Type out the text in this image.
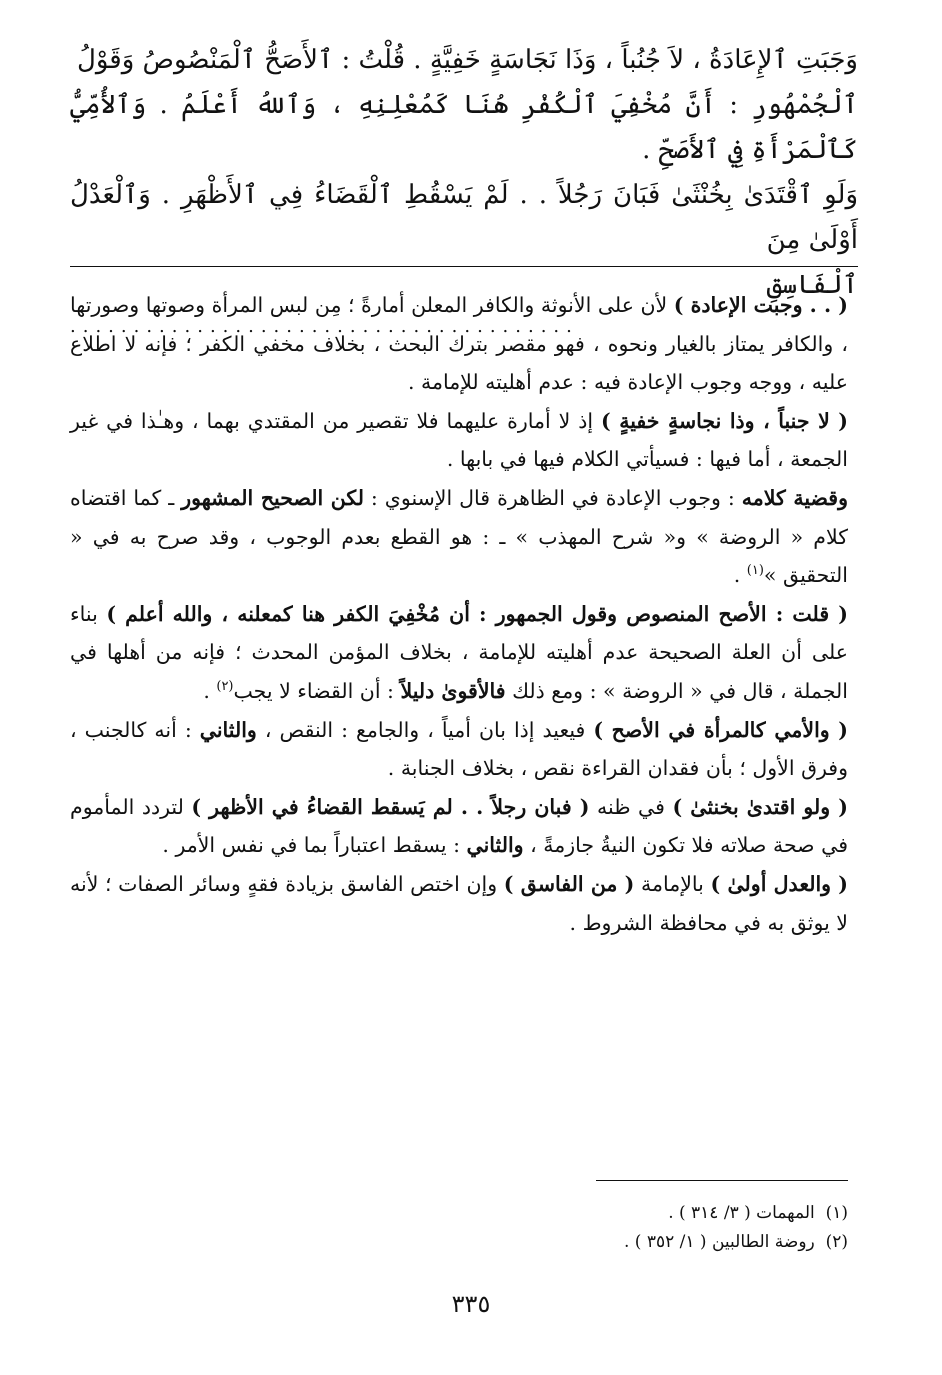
وَجَبَتِ ٱلإِعَادَةُ ، لاَ جُنُباً ، وَذَا نَجَاسَةٍ خَفِيَّةٍ . قُلْتُ : ٱلأَصَحُّ ٱلْمَنْصُوصُ وَقَوْلُ

ٱلْجُمْهُورِ : أَنَّ مُخْفِيَ ٱلْكُفْرِ هُنَا كَمُعْلِنِهِ ، وَٱللهُ أَعْلَمُ . وَٱلأُمِّيُّ كَٱلْمَرْأَةِ فِي ٱلأَصَحِّ .

وَلَوِ ٱقْتَدَىٰ بِخُنْثَىٰ فَبَانَ رَجُلاً . . لَمْ يَسْقُطِ ٱلْقَضَاءُ فِي ٱلأَظْهَرِ . وَٱلْعَدْلُ أَوْلَىٰ مِنَ

ٱلْفَاسِقِ
........................................

( . . وجبت الإعادة ) لأن على الأنوثة والكافر المعلن أمارةً ؛ مِن لبس المرأة وصوتها وصورتها ، والكافر يمتاز بالغيار ونحوه ، فهو مقصر بترك البحث ، بخلاف مخفي الكفر ؛ فإنه لا اطلاع عليه ، ووجه وجوب الإعادة فيه : عدم أهليته للإمامة .

( لا جنباً ، وذا نجاسةٍ خفيةٍ ) إذ لا أمارة عليهما فلا تقصير من المقتدي بهما ، وهـٰذا في غير الجمعة ، أما فيها : فسيأتي الكلام فيها في بابها .

وقضية كلامه : وجوب الإعادة في الظاهرة قال الإسنوي : لكن الصحيح المشهور ـ كما اقتضاه كلام « الروضة » و« شرح المهذب » ـ : هو القطع بعدم الوجوب ، وقد صرح به في « التحقيق »$^{(١)}$ .

( قلت : الأصح المنصوص وقول الجمهور : أن مُخْفِيَ الكفر هنا كمعلنه ، والله أعلم ) بناء على أن العلة الصحيحة عدم أهليته للإمامة ، بخلاف المؤمن المحدث ؛ فإنه من أهلها في الجملة ، قال في « الروضة » : ومع ذلك فالأقوىٰ دليلاً : أن القضاء لا يجب$^{(٢)}$ .

( والأمي كالمرأة في الأصح ) فيعيد إذا بان أمياً ، والجامع : النقص ، والثاني : أنه كالجنب ، وفرق الأول ؛ بأن فقدان القراءة نقص ، بخلاف الجنابة .

( ولو اقتدىٰ بخنثىٰ ) في ظنه ( فبان رجلاً . . لم يَسقط القضاءُ في الأظهر ) لتردد المأموم في صحة صلاته فلا تكون النيةُ جازمةً ، والثاني : يسقط اعتباراً بما في نفس الأمر .

( والعدل أولىٰ ) بالإمامة ( من الفاسق ) وإن اختص الفاسق بزيادة فقهٍ وسائر الصفات ؛ لأنه لا يوثق به في محافظة الشروط .

(١)  المهمات ( ٣/ ٣١٤ ) .

(٢)  روضة الطالبين ( ١/ ٣٥٢ ) .

٣٣٥
